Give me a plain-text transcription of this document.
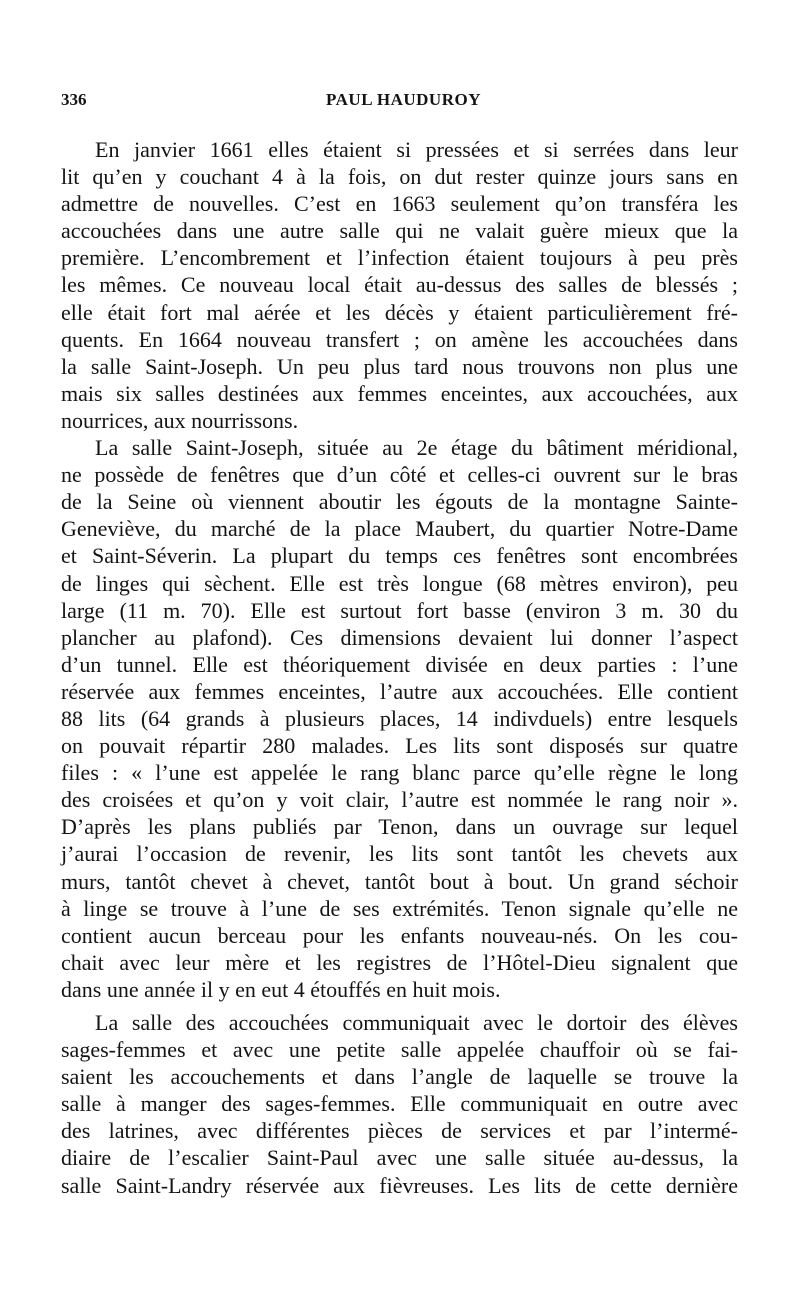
336	PAUL HAUDUROY
En janvier 1661 elles étaient si pressées et si serrées dans leur
lit qu’en y couchant 4 à la fois, on dut rester quinze jours sans en
admettre de nouvelles. C’est en 1663 seulement qu’on transféra les
accouchées dans une autre salle qui ne valait guère mieux que la
première. L’encombrement et l’infection étaient toujours à peu près
les mêmes. Ce nouveau local était au-dessus des salles de blessés ;
elle était fort mal aérée et les décès y étaient particulièrement fré-
quents. En 1664 nouveau transfert ; on amène les accouchées dans
la salle Saint-Joseph. Un peu plus tard nous trouvons non plus une
mais six salles destinées aux femmes enceintes, aux accouchées, aux
nourrices, aux nourrissons.
La salle Saint-Joseph, située au 2e étage du bâtiment méridional,
ne possède de fenêtres que d’un côté et celles-ci ouvrent sur le bras
de la Seine où viennent aboutir les égouts de la montagne Sainte-
Geneviève, du marché de la place Maubert, du quartier Notre-Dame
et Saint-Séverin. La plupart du temps ces fenêtres sont encombrées
de linges qui sèchent. Elle est très longue (68 mètres environ), peu
large (11 m. 70). Elle est surtout fort basse (environ 3 m. 30 du
plancher au plafond). Ces dimensions devaient lui donner l’aspect
d’un tunnel. Elle est théoriquement divisée en deux parties : l’une
réservée aux femmes enceintes, l’autre aux accouchées. Elle contient
88 lits (64 grands à plusieurs places, 14 indivduels) entre lesquels
on pouvait répartir 280 malades. Les lits sont disposés sur quatre
files : « l’une est appelée le rang blanc parce qu’elle règne le long
des croisées et qu’on y voit clair, l’autre est nommée le rang noir ».
D’après les plans publiés par Tenon, dans un ouvrage sur lequel
j’aurai l’occasion de revenir, les lits sont tantôt les chevets aux
murs, tantôt chevet à chevet, tantôt bout à bout. Un grand séchoir
à linge se trouve à l’une de ses extrémités. Tenon signale qu’elle ne
contient aucun berceau pour les enfants nouveau-nés. On les cou-
chait avec leur mère et les registres de l’Hôtel-Dieu signalent que
dans une année il y en eut 4 étouffés en huit mois.
La salle des accouchées communiquait avec le dortoir des élèves
sages-femmes et avec une petite salle appelée chauffoir où se fai-
saient les accouchements et dans l’angle de laquelle se trouve la
salle à manger des sages-femmes. Elle communiquait en outre avec
des latrines, avec différentes pièces de services et par l’intermé-
diaire de l’escalier Saint-Paul avec une salle située au-dessus, la
salle Saint-Landry réservée aux fièvreuses. Les lits de cette dernière
